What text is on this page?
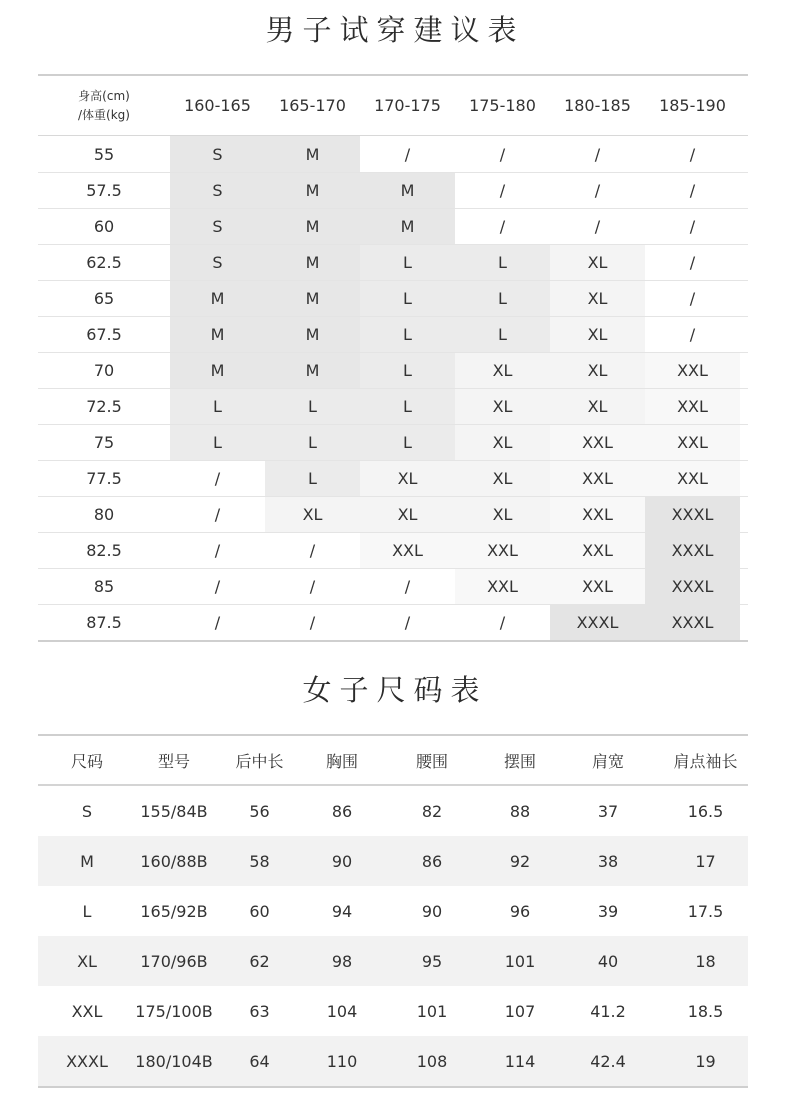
男子试穿建议表
身高(cm)
/体重(kg)	160-165	165-170	170-175	175-180	180-185	185-190
55	S	M	/	/	/	/
57.5	S	M	M	/	/	/
60	S	M	M	/	/	/
62.5	S	M	L	L	XL	/
65	M	M	L	L	XL	/
67.5	M	M	L	L	XL	/
70	M	M	L	XL	XL	XXL
72.5	L	L	L	XL	XL	XXL
75	L	L	L	XL	XXL	XXL
77.5	/	L	XL	XL	XXL	XXL
80	/	XL	XL	XL	XXL	XXXL
82.5	/	/	XXL	XXL	XXL	XXXL
85	/	/	/	XXL	XXL	XXXL
87.5	/	/	/	/	XXXL	XXXL
女子尺码表
尺码	型号	后中长	胸围	腰围	摆围	肩宽	肩点袖长
S	155/84B	56	86	82	88	37	16.5
M	160/88B	58	90	86	92	38	17
L	165/92B	60	94	90	96	39	17.5
XL	170/96B	62	98	95	101	40	18
XXL	175/100B	63	104	101	107	41.2	18.5
XXXL	180/104B	64	110	108	114	42.4	19
